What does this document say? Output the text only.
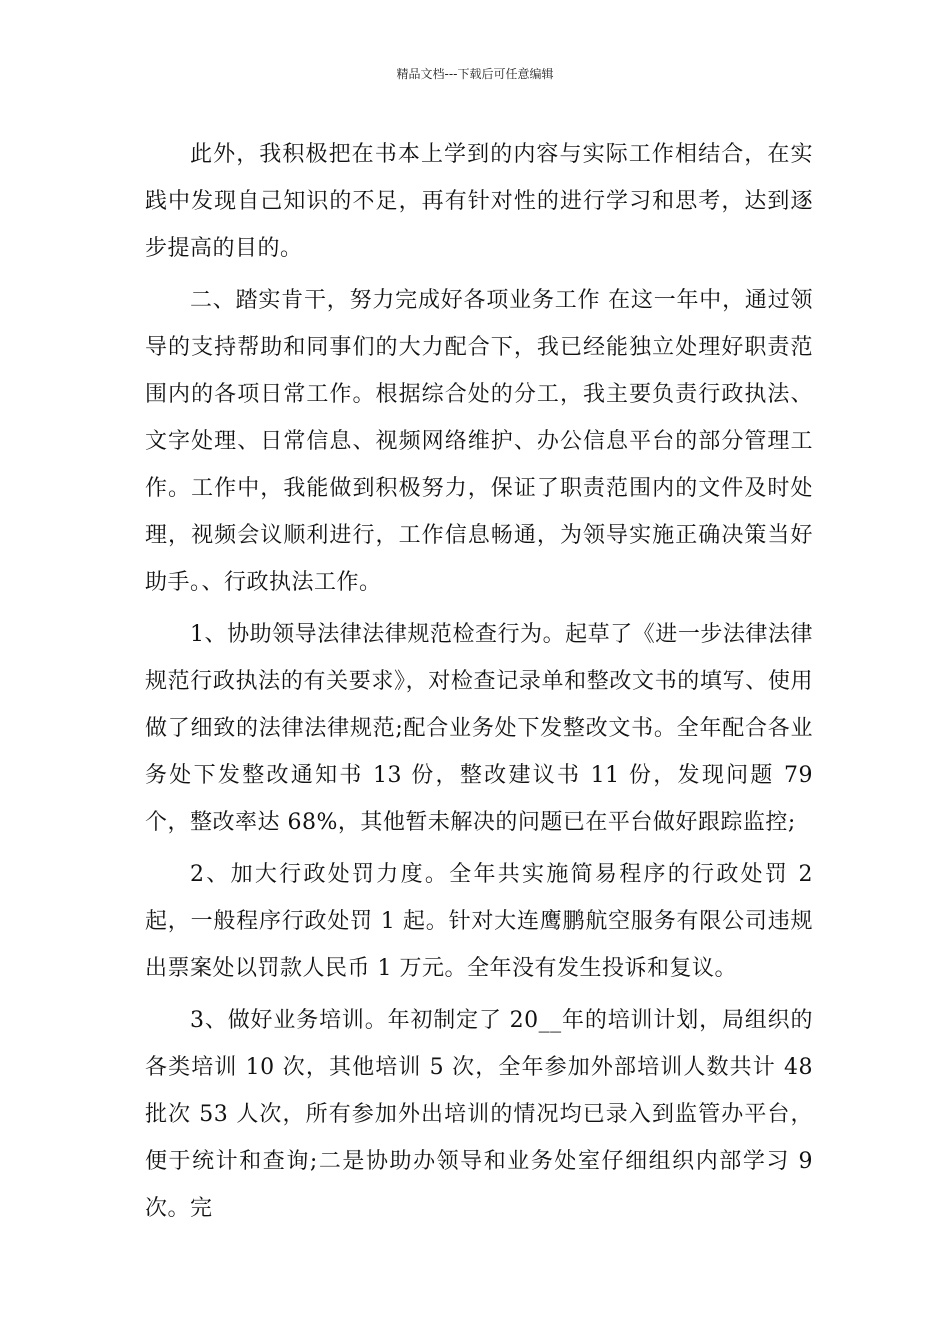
精品文档---下载后可任意编辑

此外，我积极把在书本上学到的内容与实际工作相结合，在实践中发现自己知识的不足，再有针对性的进行学习和思考，达到逐步提高的目的。

二、踏实肯干，努力完成好各项业务工作 在这一年中，通过领导的支持帮助和同事们的大力配合下，我已经能独立处理好职责范围内的各项日常工作。根据综合处的分工，我主要负责行政执法、文字处理、日常信息、视频网络维护、办公信息平台的部分管理工作。工作中，我能做到积极努力，保证了职责范围内的文件及时处理，视频会议顺利进行，工作信息畅通，为领导实施正确决策当好助手。、行政执法工作。

1、协助领导法律法律规范检查行为。起草了《进一步法律法律规范行政执法的有关要求》，对检查记录单和整改文书的填写、使用做了细致的法律法律规范;配合业务处下发整改文书。全年配合各业务处下发整改通知书 13 份，整改建议书 11 份，发现问题 79 个，整改率达 68%，其他暂未解决的问题已在平台做好跟踪监控;

2、加大行政处罚力度。全年共实施简易程序的行政处罚 2 起，一般程序行政处罚 1 起。针对大连鹰鹏航空服务有限公司违规出票案处以罚款人民币 1 万元。全年没有发生投诉和复议。

3、做好业务培训。年初制定了 20__年的培训计划，局组织的各类培训 10 次，其他培训 5 次，全年参加外部培训人数共计 48 批次 53 人次，所有参加外出培训的情况均已录入到监管办平台，便于统计和查询;二是协助办领导和业务处室仔细组织内部学习 9 次。完
